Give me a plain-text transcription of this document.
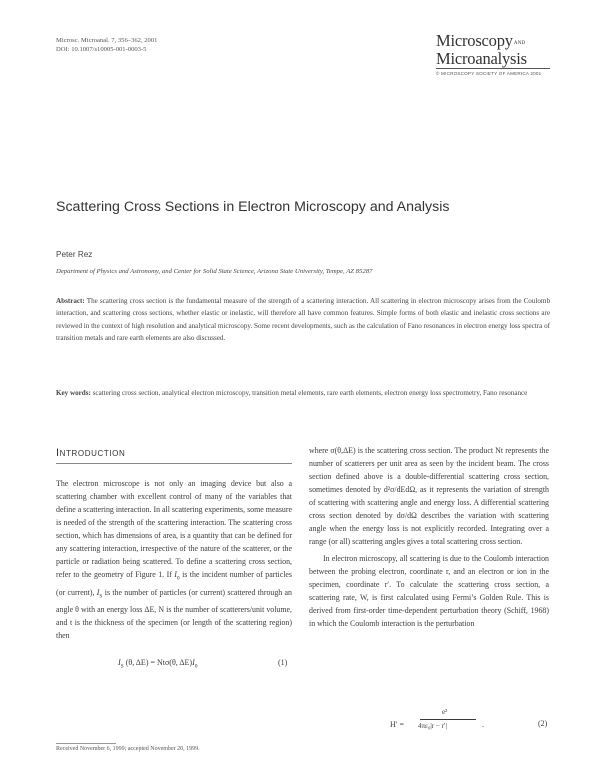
Microsc. Microanal. 7, 356–362, 2001
DOI: 10.1007/s10005-001-0003-5	MicroscopyAND
Microanalysis
© MICROSCOPY SOCIETY OF AMERICA 2001
Scattering Cross Sections in Electron Microscopy and Analysis
Peter Rez
Department of Physics and Astronomy, and Center for Solid State Science, Arizona State University, Tempe, AZ 85287
Abstract: The scattering cross section is the fundamental measure of the strength of a scattering interaction. All scattering in electron microscopy arises from the Coulomb interaction, and scattering cross sections, whether elastic or inelastic, will therefore all have common features. Simple forms of both elastic and inelastic cross sections are reviewed in the context of high resolution and analytical microscopy. Some recent developments, such as the calculation of Fano resonances in electron energy loss spectra of transition metals and rare earth elements are also discussed.
Key words: scattering cross section, analytical electron microscopy, transition metal elements, rare earth elements, electron energy loss spectrometry, Fano resonance
Introduction

The electron microscope is not only an imaging device but also a scattering chamber with excellent control of many of the variables that define a scattering interaction. In all scattering experiments, some measure is needed of the strength of the scattering interaction. The scattering cross section, which has dimensions of area, is a quantity that can be defined for any scattering interaction, irrespective of the nature of the scatterer, or the particle or radiation being scattered. To define a scattering cross section, refer to the geometry of Figure 1. If $I_0$ is the incident number of particles (or current), $I_S$ is the number of particles (or current) scattered through an angle θ with an energy loss ΔE, N is the number of scatterers/unit volume, and t is the thickness of the specimen (or length of the scattering region) then

$I_S$ (θ, ΔE) = Ntσ(θ, $\Delta E)I_0$	(1)

where σ(θ,ΔE) is the scattering cross section. The product Nt represents the number of scatterers per unit area as seen by the incident beam. The cross section defined above is a double-differential scattering cross section, sometimes denoted by d²σ/dEdΩ, as it represents the variation of strength of scattering with scattering angle and energy loss. A differential scattering cross section denoted by dσ/dΩ describes the variation with scattering angle when the energy loss is not explicitly recorded. Integrating over a range (or all) scattering angles gives a total scattering cross section.

In electron microscopy, all scattering is due to the Coulomb interaction between the probing electron, coordinate r, and an electron or ion in the specimen, coordinate r′. To calculate the scattering cross section, a scattering rate, W, is first calculated using Fermi’s Golden Rule. This is derived from first-order time-dependent perturbation theory (Schiff, 1968) in which the Coulomb interaction is the perturbation

H′ =
e²
4πε₀|r − r′|	.	(2)
Received November 6, 1999; accepted November 20, 1999.
